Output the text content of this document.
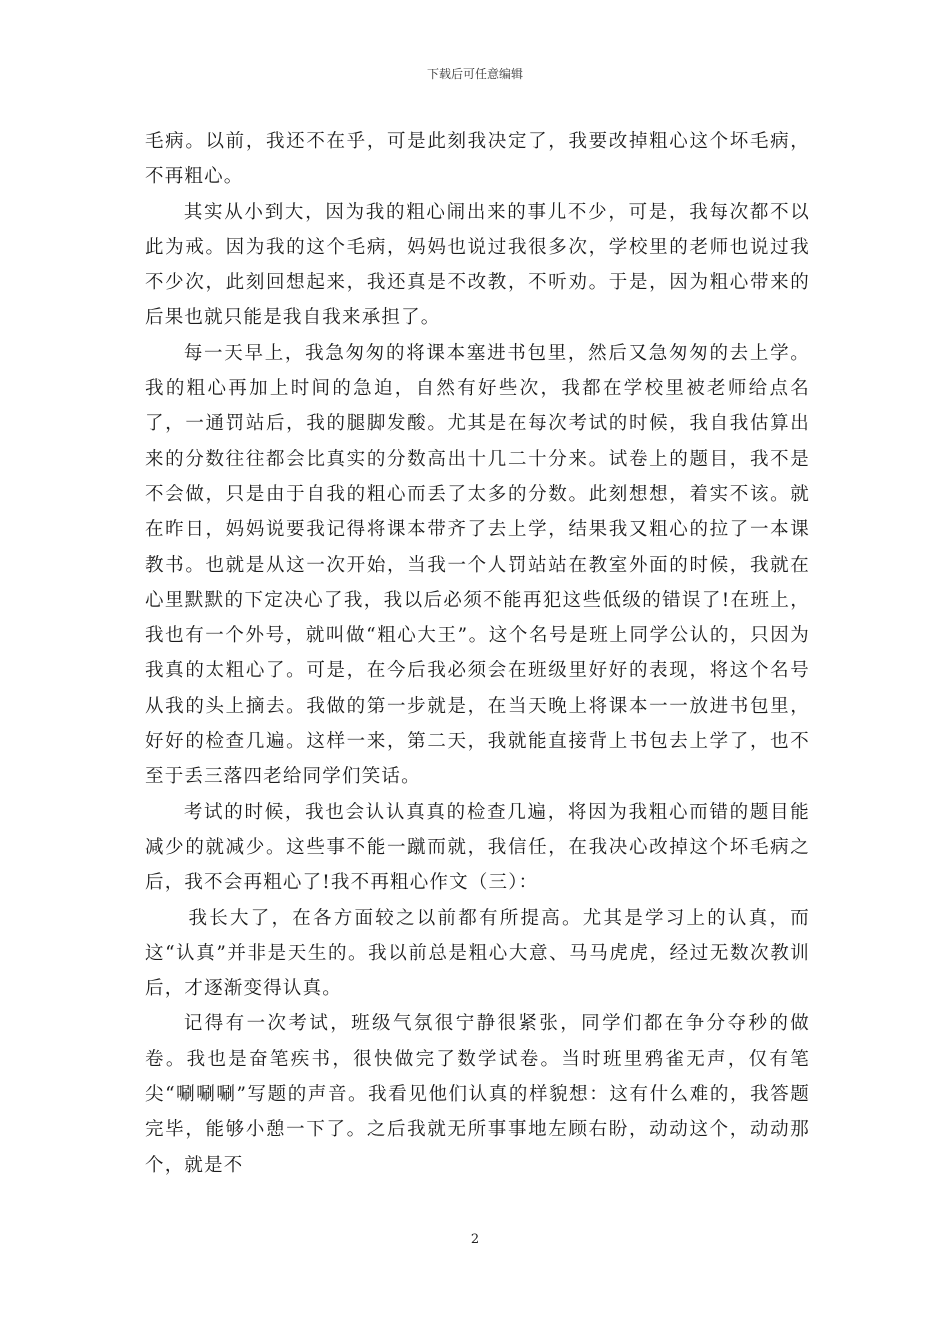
下载后可任意编辑

毛病。以前，我还不在乎，可是此刻我决定了，我要改掉粗心这个坏毛病，不再粗心。

其实从小到大，因为我的粗心闹出来的事儿不少，可是，我每次都不以此为戒。因为我的这个毛病，妈妈也说过我很多次，学校里的老师也说过我不少次，此刻回想起来，我还真是不改教，不听劝。于是，因为粗心带来的后果也就只能是我自我来承担了。

每一天早上，我急匆匆的将课本塞进书包里，然后又急匆匆的去上学。我的粗心再加上时间的急迫，自然有好些次，我都在学校里被老师给点名了，一通罚站后，我的腿脚发酸。尤其是在每次考试的时候，我自我估算出来的分数往往都会比真实的分数高出十几二十分来。试卷上的题目，我不是不会做，只是由于自我的粗心而丢了太多的分数。此刻想想，着实不该。就在昨日，妈妈说要我记得将课本带齐了去上学，结果我又粗心的拉了一本课教书。也就是从这一次开始，当我一个人罚站站在教室外面的时候，我就在心里默默的下定决心了我，我以后必须不能再犯这些低级的错误了!在班上，我也有一个外号，就叫做“粗心大王”。这个名号是班上同学公认的，只因为我真的太粗心了。可是，在今后我必须会在班级里好好的表现，将这个名号从我的头上摘去。我做的第一步就是，在当天晚上将课本一一放进书包里，好好的检查几遍。这样一来，第二天，我就能直接背上书包去上学了，也不至于丢三落四老给同学们笑话。

考试的时候，我也会认认真真的检查几遍，将因为我粗心而错的题目能减少的就减少。这些事不能一蹴而就，我信任，在我决心改掉这个坏毛病之后，我不会再粗心了!我不再粗心作文（三）：

我长大了，在各方面较之以前都有所提高。尤其是学习上的认真，而这“认真”并非是天生的。我以前总是粗心大意、马马虎虎，经过无数次教训后，才逐渐变得认真。

记得有一次考试，班级气氛很宁静很紧张，同学们都在争分夺秒的做卷。我也是奋笔疾书，很快做完了数学试卷。当时班里鸦雀无声，仅有笔尖“唰唰唰”写题的声音。我看见他们认真的样貌想：这有什么难的，我答题完毕，能够小憩一下了。之后我就无所事事地左顾右盼，动动这个，动动那个，就是不

2
